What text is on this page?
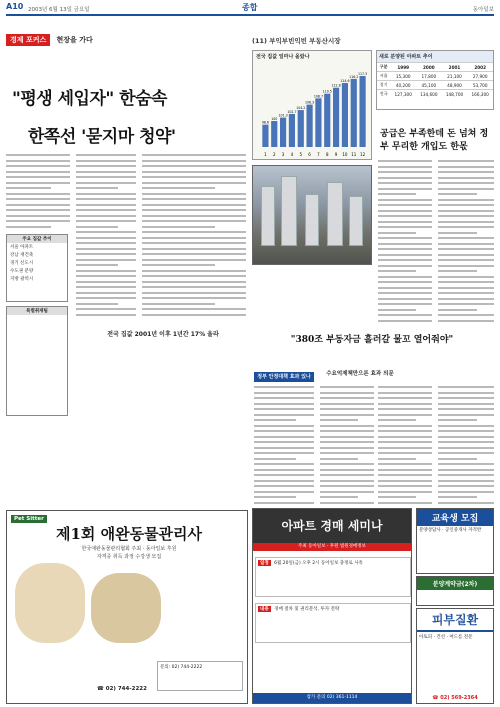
A10 2003년 6월 13일 금요일	종합	동아일보
경제 포커스 현장을 가다	(11) 부익부빈익빈 부동산시장
"평생 세입자" 한숨속
한쪽선 '묻지마 청약'
주요 집값 추이
서울 아파트
강남 재건축
경기 신도시
수도권 분양
지방 광역시
특별취재팀
전국 집값 2001년 이후 1년간 17% 올라
전국 집값 얼마나 올랐나
1
98.6
2
100
3
101.3
4
102.7
5
104.2
6
106.3
7
108.7
8
110.5
9
112.8
10
114.6
11
116.2
12
117.3
새로 분양된 아파트 추이
구분	1999	2000	2001	2002
서울	15,300	17,800	21,100	27,900
경기	40,200	45,100	48,900	53,700
전국	127,300	134,600	148,700	166,300
공급은 부족한데 돈 넘쳐 정부 무리한 개입도 한몫
"380조 부동자금 흘러갈 물꼬 열어줘야"
정부 안정대책 효과 있나	수요억제책만으론 효과 의문
Pet Sitter
제1회 애완동물관리사
한국애완동물관리협회 주최 · 동아일보 후원
자격증 취득 과정 수강생 모집
문의: 02) 744-2222
☎ 02) 744-2222
아파트 경매 세미나
주최 동아일보 · 후원 법원경매정보
일정 6월 20일(금) 오후 2시 동아일보 충정로 사옥
내용 경매 절차 및 권리분석, 투자 전략
참가 문의 02) 361-1114
교육생 모집
분양상담사 · 공인중개사 자격반
분양계약금(2차)
피부질환
아토피 · 건선 · 여드름 전문
☎ 02) 569-2364
